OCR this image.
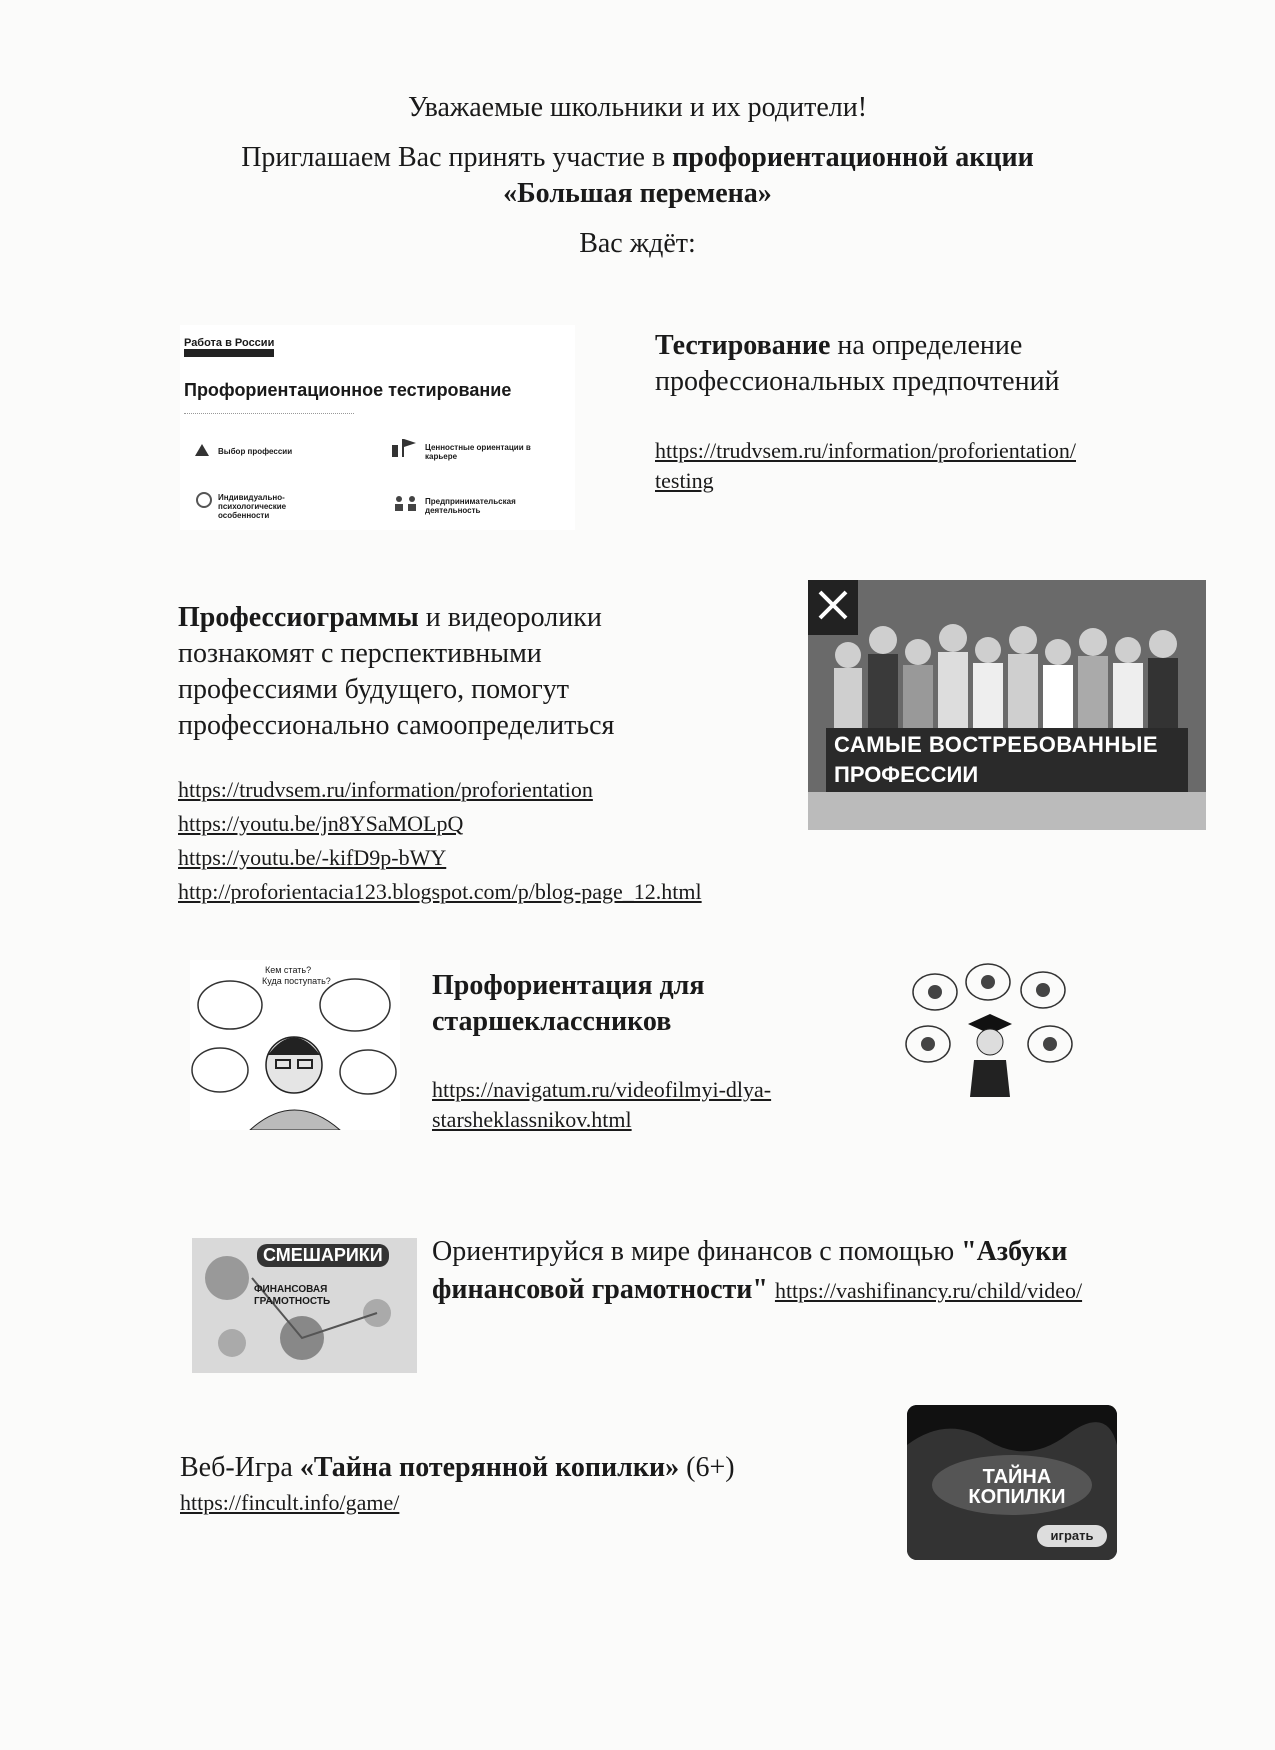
Уважаемые школьники и их родители!
Приглашаем Вас принять участие в профориентационной акции
«Большая перемена»
Вас ждёт:
Работа в России
Профориентационное тестирование
Выбор профессии	Ценностные ориентации в карьере
Индивидуально-психологические особенности
Предпринимательская деятельность
Тестирование на определение
профессиональных предпочтений
https://trudvsem.ru/information/proforientation/
testing
Профессиограммы и видеоролики
познакомят с перспективными
профессиями будущего, помогут
профессионально самоопределиться
https://trudvsem.ru/information/proforientation
https://youtu.be/jn8YSaMOLpQ
https://youtu.be/-kifD9p-bWY
http://proforientacia123.blogspot.com/p/blog-page_12.html
САМЫЕ ВОСТРЕБОВАННЫЕ
ПРОФЕССИИ
Кем стать?
Куда поступать?	Профориентация для
старшеклассников
https://navigatum.ru/videofilmyi-dlya-
starsheklassnikov.html
СМЕШАРИКИ
ФИНАНСОВАЯ ГРАМОТНОСТЬ
Ориентируйся в мире финансов с помощью "Азбуки
финансовой грамотности" https://vashifinancy.ru/child/video/
Веб-Игра «Тайна потерянной копилки» (6+)
https://fincult.info/game/
ТАЙНА КОПИЛКИ
играть
